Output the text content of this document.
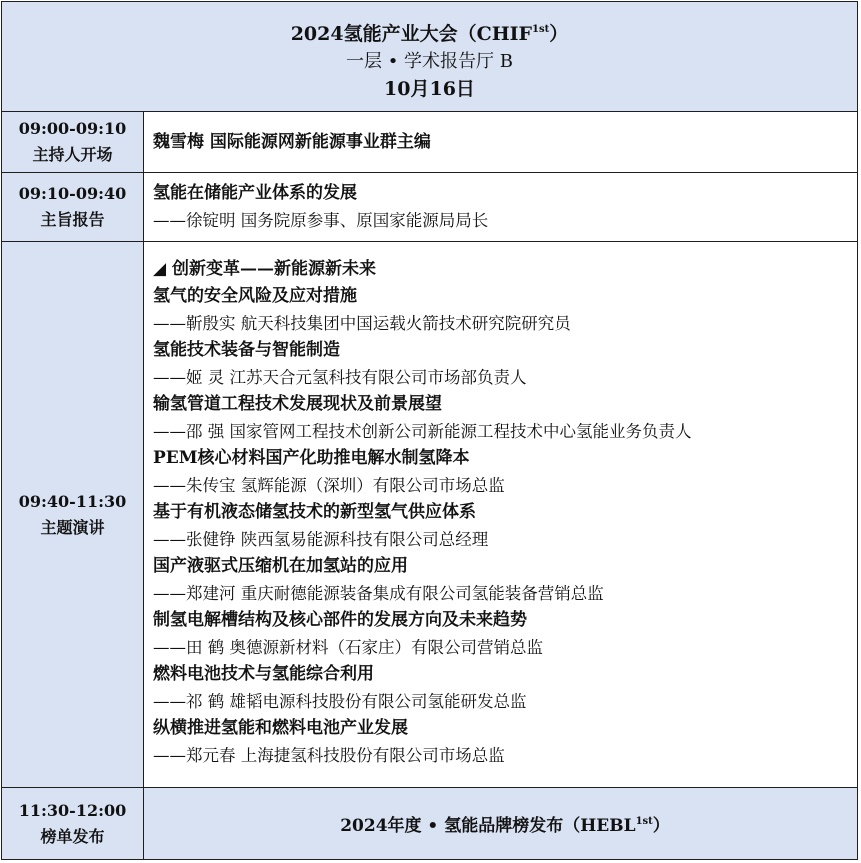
2024氢能产业大会$(CHIF^{1st})$
一层 • 学术报告厅 B
10月16日
09:00-09:10
主持人开场
魏雪梅 国际能源网新能源事业群主编
09:10-09:40
主旨报告
氢能在储能产业体系的发展
——徐锭明 国务院原参事、原国家能源局局长
09:40-11:30
主题演讲
◢ 创新变革——新能源新未来
氢气的安全风险及应对措施
——靳殷实 航天科技集团中国运载火箭技术研究院研究员
氢能技术装备与智能制造
——姬 灵 江苏天合元氢科技有限公司市场部负责人
输氢管道工程技术发展现状及前景展望
——邵 强 国家管网工程技术创新公司新能源工程技术中心氢能业务负责人
PEM核心材料国产化助推电解水制氢降本
——朱传宝 氢辉能源（深圳）有限公司市场总监
基于有机液态储氢技术的新型氢气供应体系
——张健铮 陕西氢易能源科技有限公司总经理
国产液驱式压缩机在加氢站的应用
——郑建河 重庆耐德能源装备集成有限公司氢能装备营销总监
制氢电解槽结构及核心部件的发展方向及未来趋势
——田 鹤 奥德源新材料（石家庄）有限公司营销总监
燃料电池技术与氢能综合利用
——祁 鹤 雄韬电源科技股份有限公司氢能研发总监
纵横推进氢能和燃料电池产业发展
——郑元春 上海捷氢科技股份有限公司市场总监
11:30-12:00
榜单发布
2024年度 • 氢能品牌榜发布$(HEBL^{1st})$
